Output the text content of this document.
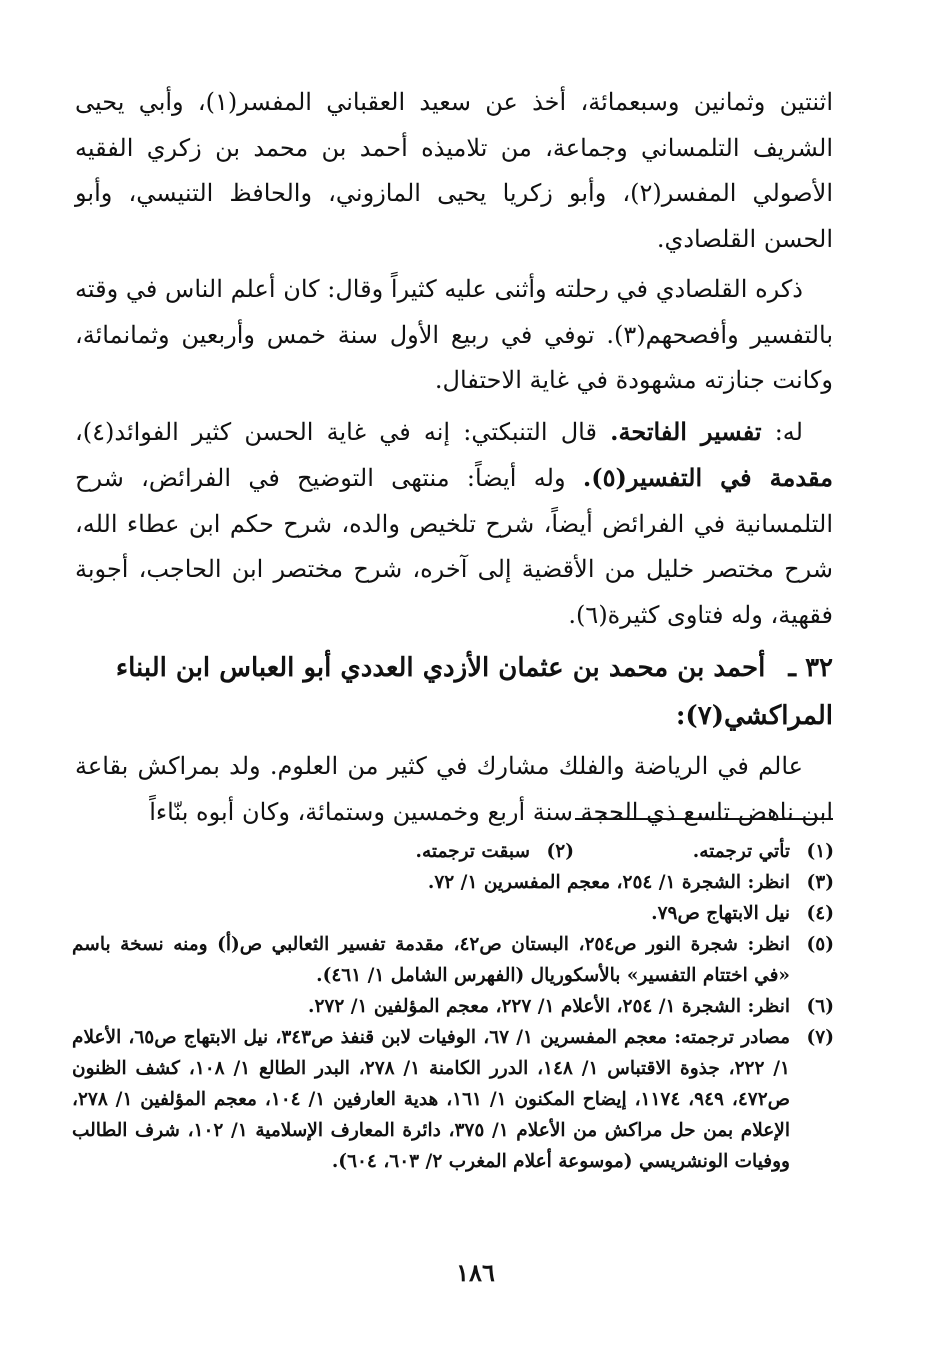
اثنتين وثمانين وسبعمائة، أخذ عن سعيد العقباني المفسر(١)، وأبي يحيى الشريف التلمساني وجماعة، من تلاميذه أحمد بن محمد بن زكري الفقيه الأصولي المفسر(٢)، وأبو زكريا يحيى المازوني، والحافظ التنيسي، وأبو الحسن القلصادي.

ذكره القلصادي في رحلته وأثنى عليه كثيراً وقال: كان أعلم الناس في وقته بالتفسير وأفصحهم(٣). توفي في ربيع الأول سنة خمس وأربعين وثمانمائة، وكانت جنازته مشهودة في غاية الاحتفال.

له: تفسير الفاتحة. قال التنبكتي: إنه في غاية الحسن كثير الفوائد(٤)، مقدمة في التفسير(٥). وله أيضاً: منتهى التوضيح في الفرائض، شرح التلمسانية في الفرائض أيضاً، شرح تلخيص والده، شرح حكم ابن عطاء الله، شرح مختصر خليل من الأقضية إلى آخره، شرح مختصر ابن الحاجب، أجوبة فقهية، وله فتاوى كثيرة(٦).

٣٢ ـ أحمد بن محمد بن عثمان الأزدي العددي أبو العباس ابن البناء المراكشي(٧):

عالم في الرياضة والفلك مشارك في كثير من العلوم. ولد بمراكش بقاعة ابن ناهض تاسع ذي الحجة سنة أربع وخمسين وستمائة، وكان أبوه بنّاءاً

(١)
تأتي ترجمته.
(٢)
سبقت ترجمته.
(٣)
انظر: الشجرة ١/ ٢٥٤، معجم المفسرين ١/ ٧٢.
(٤)
نيل الابتهاج ص٧٩.
(٥)
انظر: شجرة النور ص٢٥٤، البستان ص٤٢، مقدمة تفسير الثعالبي ص(أ) ومنه نسخة باسم «في اختتام التفسير» بالأسكوريال (الفهرس الشامل ١/ ٤٦١).
(٦)
انظر: الشجرة ١/ ٢٥٤، الأعلام ١/ ٢٢٧، معجم المؤلفين ١/ ٢٧٢.
(٧)
مصادر ترجمته: معجم المفسرين ١/ ٦٧، الوفيات لابن قنفذ ص٣٤٣، نيل الابتهاج ص٦٥، الأعلام ١/ ٢٢٢، جذوة الاقتباس ١/ ١٤٨، الدرر الكامنة ١/ ٢٧٨، البدر الطالع ١/ ١٠٨، كشف الظنون ص٤٧٢، ٩٤٩، ١١٧٤، إيضاح المكنون ١/ ١٦١، هدية العارفين ١/ ١٠٤، معجم المؤلفين ١/ ٢٧٨، الإعلام بمن حل مراكش من الأعلام ١/ ٣٧٥، دائرة المعارف الإسلامية ١/ ١٠٢، شرف الطالب ووفيات الونشريسي (موسوعة أعلام المغرب ٢/ ٦٠٣، ٦٠٤).
١٨٦
